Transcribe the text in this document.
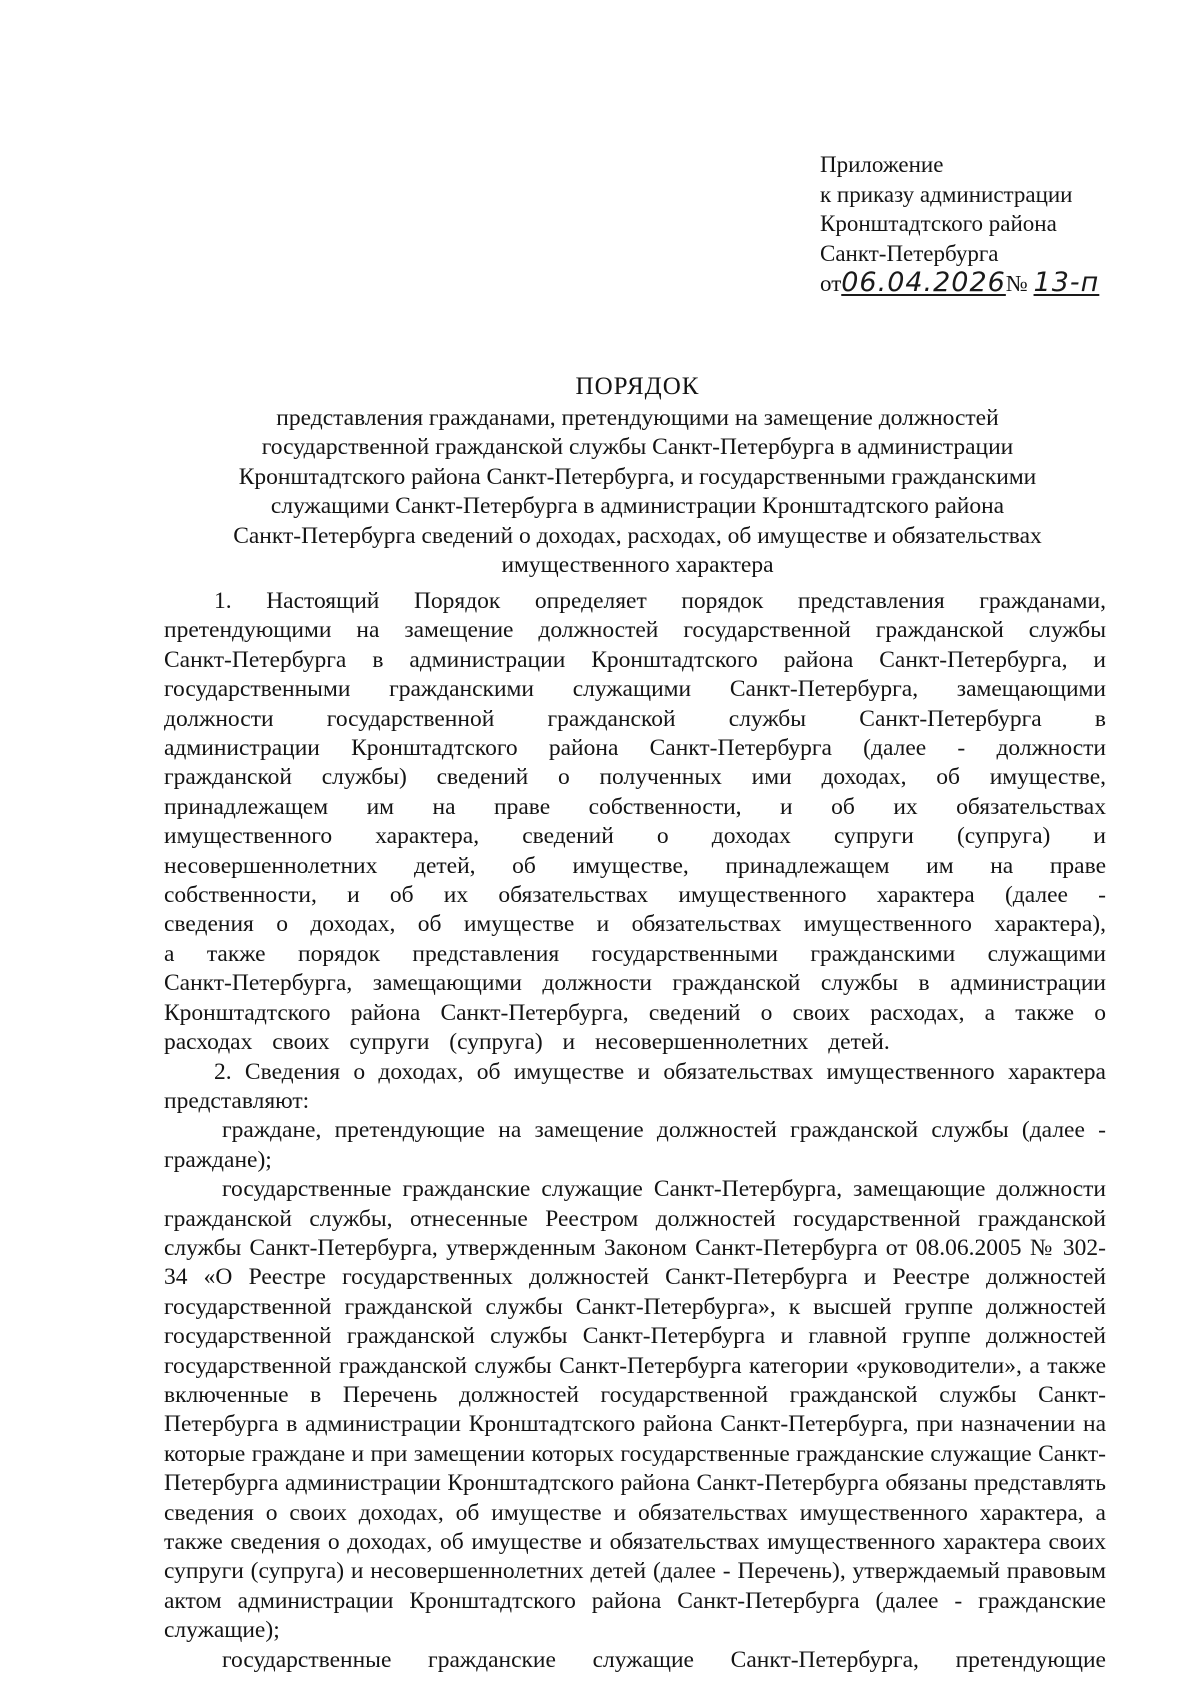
Приложение
к приказу администрации
Кронштадтского района
Санкт-Петербурга
от06.04.2026№ 13-п
ПОРЯДОК
представления гражданами, претендующими на замещение должностей
государственной гражданской службы Санкт-Петербурга в администрации
Кронштадтского района Санкт-Петербурга, и государственными гражданскими
служащими Санкт-Петербурга в администрации Кронштадтского района
Санкт-Петербурга сведений о доходах, расходах, об имуществе и обязательствах
имущественного характера

1. Настоящий Порядок определяет порядок представления гражданами, претендующими на замещение должностей государственной гражданской службы Санкт-Петербурга в администрации Кронштадтского района Санкт-Петербурга, и государственными гражданскими служащими Санкт-Петербурга, замещающими должности государственной гражданской службы Санкт-Петербурга в администрации Кронштадтского района Санкт-Петербурга (далее - должности гражданской службы) сведений о полученных ими доходах, об имуществе, принадлежащем им на праве собственности, и об их обязательствах имущественного характера, сведений о доходах супруги (супруга) и несовершеннолетних детей, об имуществе, принадлежащем им на праве собственности, и об их обязательствах имущественного характера (далее - сведения о доходах, об имуществе и обязательствах имущественного характера), а также порядок представления государственными гражданскими служащими Санкт-Петербурга, замещающими должности гражданской службы в администрации Кронштадтского района Санкт-Петербурга, сведений о своих расходах, а также о расходах своих супруги (супруга) и несовершеннолетних детей.

2. Сведения о доходах, об имуществе и обязательствах имущественного характера представляют:

граждане, претендующие на замещение должностей гражданской службы (далее - граждане);

государственные гражданские служащие Санкт-Петербурга, замещающие должности гражданской службы, отнесенные Реестром должностей государственной гражданской службы Санкт-Петербурга, утвержденным Законом Санкт-Петербурга от 08.06.2005 № 302-34 «О Реестре государственных должностей Санкт-Петербурга и Реестре должностей государственной гражданской службы Санкт-Петербурга», к высшей группе должностей государственной гражданской службы Санкт-Петербурга и главной группе должностей государственной гражданской службы Санкт-Петербурга категории «руководители», а также включенные в Перечень должностей государственной гражданской службы Санкт-Петербурга в администрации Кронштадтского района Санкт-Петербурга, при назначении на которые граждане и при замещении которых государственные гражданские служащие Санкт-Петербурга администрации Кронштадтского района Санкт-Петербурга обязаны представлять сведения о своих доходах, об имуществе и обязательствах имущественного характера, а также сведения о доходах, об имуществе и обязательствах имущественного характера своих супруги (супруга) и несовершеннолетних детей (далее - Перечень), утверждаемый правовым актом администрации Кронштадтского района Санкт-Петербурга (далее - гражданские служащие);

государственные гражданские служащие Санкт-Петербурга, претендующие
